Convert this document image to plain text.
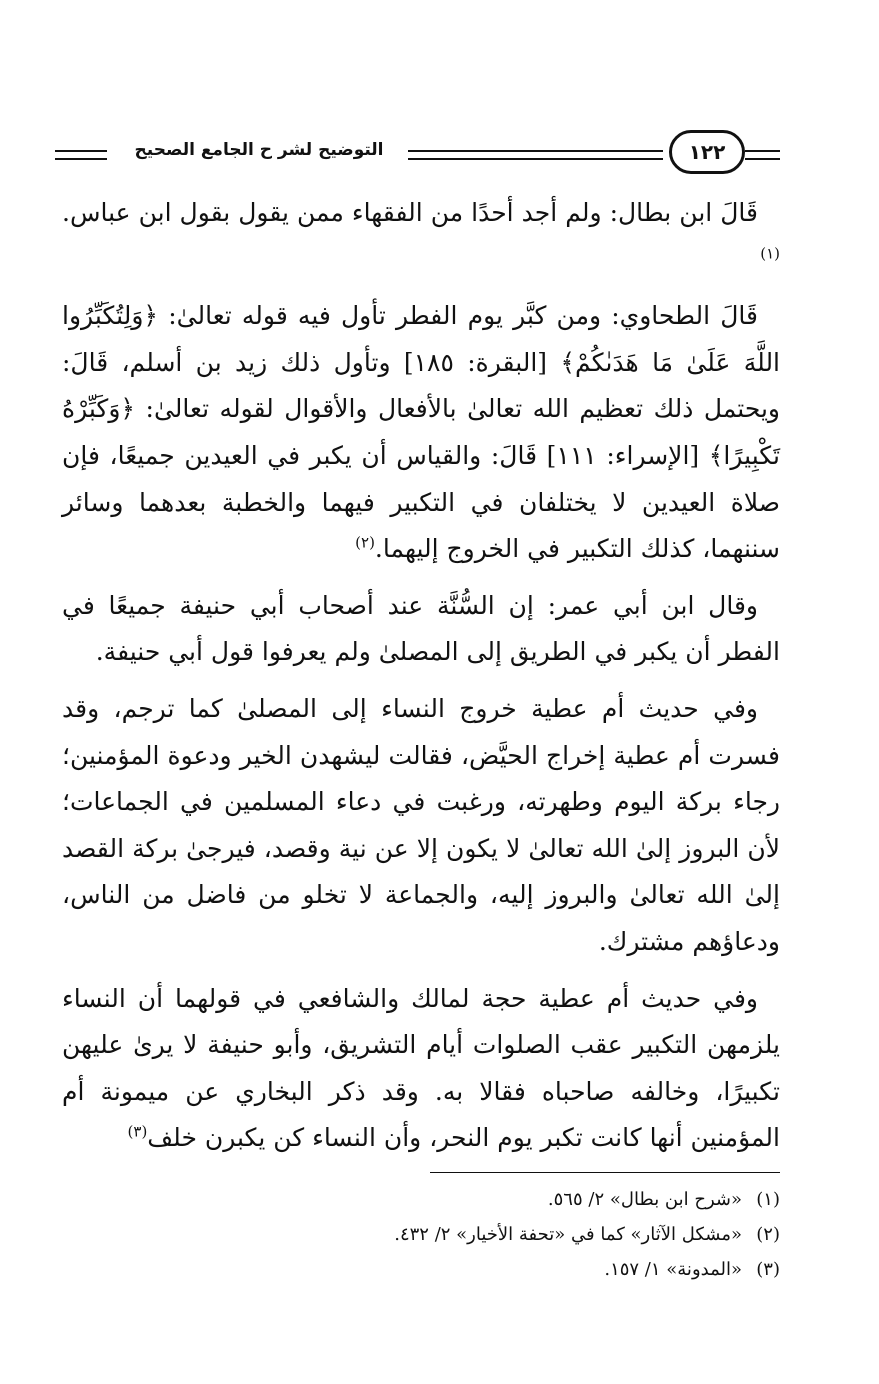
التوضيح لشر ح الجامع الصحيح	١٢٢

قَالَ ابن بطال: ولم أجد أحدًا من الفقهاء ممن يقول بقول ابن عباس.$^{(١)}$

قَالَ الطحاوي: ومن كبَّر يوم الفطر تأول فيه قوله تعالىٰ: ﴿وَلِتُكَبِّرُوا اللَّهَ عَلَىٰ مَا هَدَىٰكُمْ﴾ [البقرة: ١٨٥] وتأول ذلك زيد بن أسلم، قَالَ: ويحتمل ذلك تعظيم الله تعالىٰ بالأفعال والأقوال لقوله تعالىٰ: ﴿وَكَبِّرْهُ تَكْبِيرًا﴾ [الإسراء: ١١١] قَالَ: والقياس أن يكبر في العيدين جميعًا، فإن صلاة العيدين لا يختلفان في التكبير فيهما والخطبة بعدهما وسائر سننهما، كذلك التكبير في الخروج إليهما.$^{(٢)}$

وقال ابن أبي عمر: إن السُّنَّة عند أصحاب أبي حنيفة جميعًا في الفطر أن يكبر في الطريق إلى المصلىٰ ولم يعرفوا قول أبي حنيفة.

وفي حديث أم عطية خروج النساء إلى المصلىٰ كما ترجم، وقد فسرت أم عطية إخراج الحيَّض، فقالت ليشهدن الخير ودعوة المؤمنين؛ رجاء بركة اليوم وطهرته، ورغبت في دعاء المسلمين في الجماعات؛ لأن البروز إلىٰ الله تعالىٰ لا يكون إلا عن نية وقصد، فيرجىٰ بركة القصد إلىٰ الله تعالىٰ والبروز إليه، والجماعة لا تخلو من فاضل من الناس، ودعاؤهم مشترك.

وفي حديث أم عطية حجة لمالك والشافعي في قولهما أن النساء يلزمهن التكبير عقب الصلوات أيام التشريق، وأبو حنيفة لا يرىٰ عليهن تكبيرًا، وخالفه صاحباه فقالا به. وقد ذكر البخاري عن ميمونة أم المؤمنين أنها كانت تكبر يوم النحر، وأن النساء كن يكبرن خلف$^{(٣)}$

(١)
«شرح ابن بطال» ٢/ ٥٦٥.
(٢)
«مشكل الآثار» كما في «تحفة الأخيار» ٢/ ٤٣٢.
(٣)
«المدونة» ١/ ١٥٧.
